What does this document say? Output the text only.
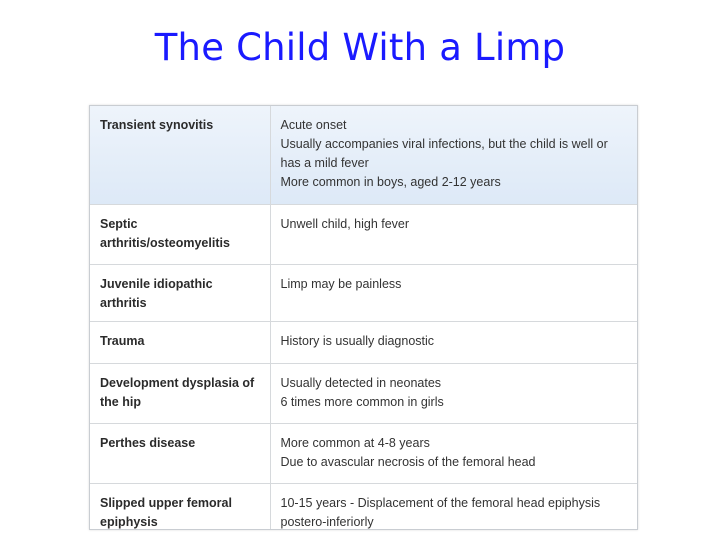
The Child With a Limp
Transient synovitis	Acute onset
Usually accompanies viral infections, but the child is well or has a mild fever
More common in boys, aged 2-12 years

Septic arthritis/osteomyelitis	Unwell child, high fever

Juvenile idiopathic arthritis	Limp may be painless

Trauma	History is usually diagnostic

Development dysplasia of the hip	Usually detected in neonates
6 times more common in girls

Perthes disease	More common at 4-8 years
Due to avascular necrosis of the femoral head

Slipped upper femoral epiphysis	10-15 years - Displacement of the femoral head epiphysis postero-inferiorly
